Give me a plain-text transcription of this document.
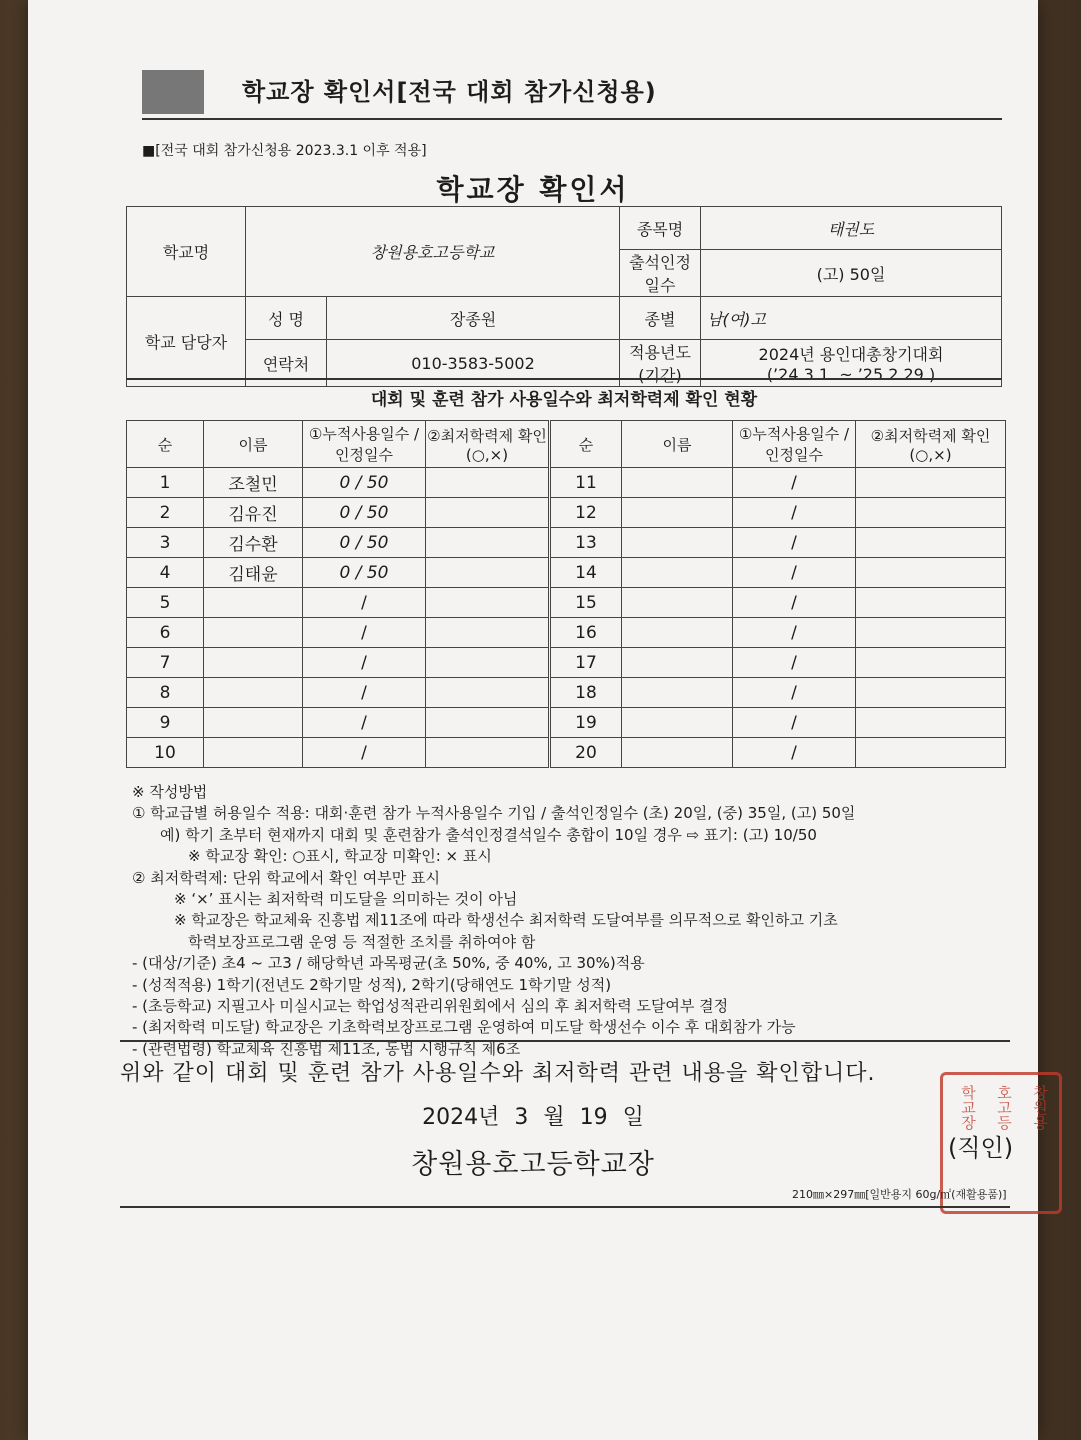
학교장 확인서[전국 대회 참가신청용)
■[전국 대회 참가신청용 2023.3.1 이후 적용]
학교장 확인서
학교명	창원용호고등학교		종목명	태권도
			출석인정 일수	(고) 50일
학교 담당자	성 명	장종원	종별	남(여)고
	연락처	010-3583-5002	적용년도 (기간)	2024년 용인대총창기대회
(’24.3.1. ~ ’25 2.29.)
대회 및 훈련 참가 사용일수와 최저학력제 확인 현황
순	이름	①누적사용일수 /인정일수	②최저학력제 확인(○,×)	순	이름	①누적사용일수 /인정일수	②최저학력제 확인(○,×)
1	조철민	0 / 50		11		/	
2	김유진	0 / 50		12		/	
3	김수환	0 / 50		13		/	
4	김태윤	0 / 50		14		/	
5		/		15		/	
6		/		16		/	
7		/		17		/	
8		/		18		/	
9		/		19		/	
10		/		20		/	
※ 작성방법
① 학교급별 허용일수 적용: 대회·훈련 참가 누적사용일수 기입 / 출석인정일수 (초) 20일, (중) 35일, (고) 50일
예) 학기 초부터 현재까지 대회 및 훈련참가 출석인정결석일수 총합이 10일 경우 ⇨ 표기: (고) 10/50
※ 학교장 확인: ○표시, 학교장 미확인: × 표시
② 최저학력제: 단위 학교에서 확인 여부만 표시
※ ‘×’ 표시는 최저학력 미도달을 의미하는 것이 아님
※ 학교장은 학교체육 진흥법 제11조에 따라 학생선수 최저학력 도달여부를 의무적으로 확인하고 기초
학력보장프로그램 운영 등 적절한 조치를 취하여야 함
- (대상/기준) 초4 ~ 고3 / 해당학년 과목평균(초 50%, 중 40%, 고 30%)적용
- (성적적용) 1학기(전년도 2학기말 성적), 2학기(당해연도 1학기말 성적)
- (초등학교) 지필고사 미실시교는 학업성적관리위원회에서 심의 후 최저학력 도달여부 결정
- (최저학력 미도달) 학교장은 기초학력보장프로그램 운영하여 미도달 학생선수 이수 후 대회참가 가능
- (관련법령) 학교체육 진흥법 제11조, 동법 시행규칙 제6조
위와 같이 대회 및 훈련 참가 사용일수와 최저학력 관련 내용을 확인합니다.
2024년 3 월 19 일
창원용호고등학교장
창원용
호고등
학교장
(직인)
210㎜×297㎜[일반용지 60g/㎡(재활용품)]
